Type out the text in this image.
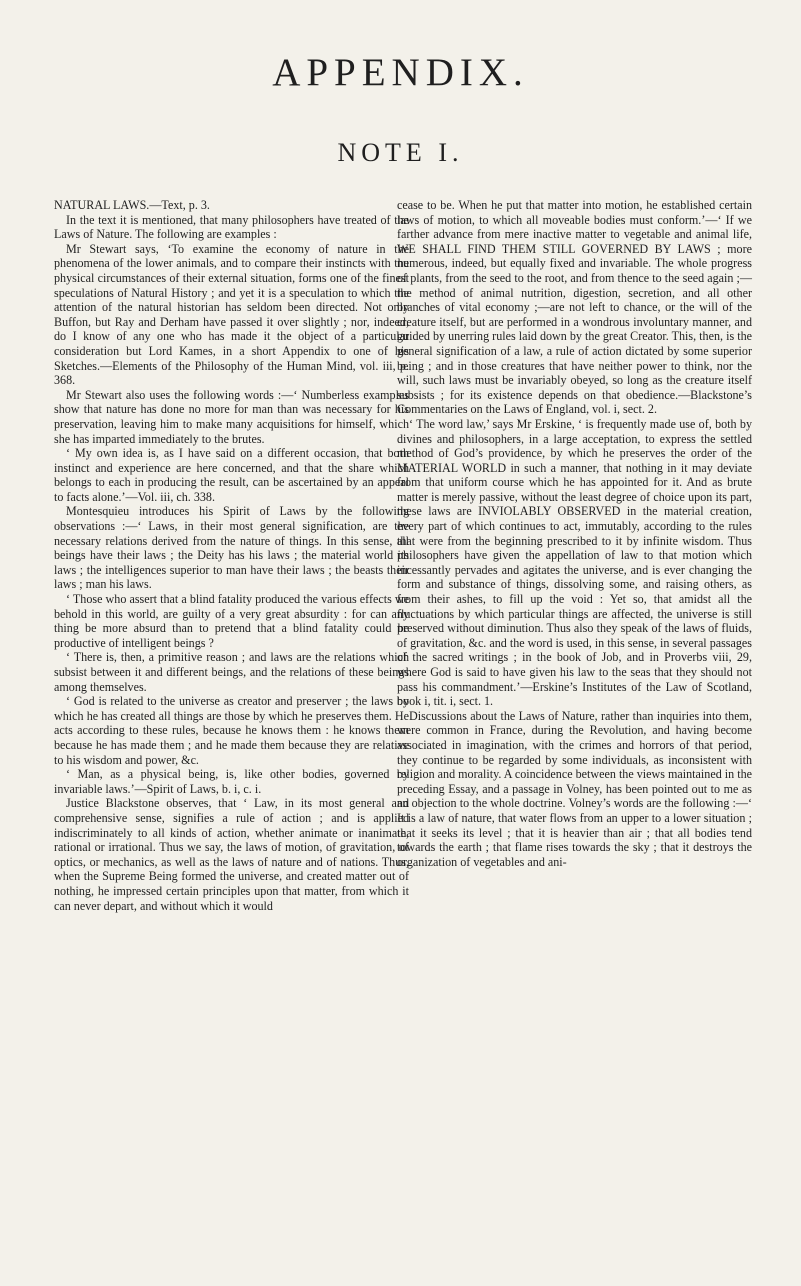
APPENDIX.
NOTE I.

NATURAL LAWS.—Text, p. 3.

In the text it is mentioned, that many philosophers have treated of the Laws of Nature. The following are examples :

Mr Stewart says, ‘To examine the economy of nature in the phenomena of the lower animals, and to compare their instincts with the physical circumstances of their external situation, forms one of the finest speculations of Natural History ; and yet it is a speculation to which the attention of the natural historian has seldom been directed. Not only Buffon, but Ray and Derham have passed it over slightly ; nor, indeed, do I know of any one who has made it the object of a particular consideration but Lord Kames, in a short Appendix to one of his Sketches.—Elements of the Philosophy of the Human Mind, vol. iii, p. 368.

Mr Stewart also uses the following words :—‘ Numberless examples show that nature has done no more for man than was necessary for his preservation, leaving him to make many acquisitions for himself, which she has imparted immediately to the brutes.

‘ My own idea is, as I have said on a different occasion, that both instinct and experience are here concerned, and that the share which belongs to each in producing the result, can be ascertained by an appeal to facts alone.’—Vol. iii, ch. 338.

Montesquieu introduces his Spirit of Laws by the following observations :—‘ Laws, in their most general signification, are the necessary relations derived from the nature of things. In this sense, all beings have their laws ; the Deity has his laws ; the material world its laws ; the intelligences superior to man have their laws ; the beasts their laws ; man his laws.

‘ Those who assert that a blind fatality produced the various effects we behold in this world, are guilty of a very great absurdity : for can any thing be more absurd than to pretend that a blind fatality could be productive of intelligent beings ?

‘ There is, then, a primitive reason ; and laws are the relations which subsist between it and different beings, and the relations of these beings among themselves.

‘ God is related to the universe as creator and preserver ; the laws by which he has created all things are those by which he preserves them. He acts according to these rules, because he knows them : he knows them because he has made them ; and he made them because they are relative to his wisdom and power, &c.

‘ Man, as a physical being, is, like other bodies, governed by invariable laws.’—Spirit of Laws, b. i, c. i.

Justice Blackstone observes, that ‘ Law, in its most general and comprehensive sense, signifies a rule of action ; and is applied indiscriminately to all kinds of action, whether animate or inanimate, rational or irrational. Thus we say, the laws of motion, of gravitation, of optics, or mechanics, as well as the laws of nature and of nations. Thus, when the Supreme Being formed the universe, and created matter out of nothing, he impressed certain principles upon that matter, from which it can never depart, and without which it would

cease to be. When he put that matter into motion, he established certain laws of motion, to which all moveable bodies must conform.’—‘ If we farther advance from mere inactive matter to vegetable and animal life, WE SHALL FIND THEM STILL GOVERNED BY LAWS ; more numerous, indeed, but equally fixed and invariable. The whole progress of plants, from the seed to the root, and from thence to the seed again ;—the method of animal nutrition, digestion, secretion, and all other branches of vital economy ;—are not left to chance, or the will of the creature itself, but are performed in a wondrous involuntary manner, and guided by unerring rules laid down by the great Creator. This, then, is the general signification of a law, a rule of action dictated by some superior being ; and in those creatures that have neither power to think, nor the will, such laws must be invariably obeyed, so long as the creature itself subsists ; for its existence depends on that obedience.—Blackstone’s Commentaries on the Laws of England, vol. i, sect. 2.

‘ The word law,’ says Mr Erskine, ‘ is frequently made use of, both by divines and philosophers, in a large acceptation, to express the settled method of God’s providence, by which he preserves the order of the MATERIAL WORLD in such a manner, that nothing in it may deviate from that uniform course which he has appointed for it. And as brute matter is merely passive, without the least degree of choice upon its part, these laws are INVIOLABLY OBSERVED in the material creation, every part of which continues to act, immutably, according to the rules that were from the beginning prescribed to it by infinite wisdom. Thus philosophers have given the appellation of law to that motion which incessantly pervades and agitates the universe, and is ever changing the form and substance of things, dissolving some, and raising others, as from their ashes, to fill up the void : Yet so, that amidst all the fluctuations by which particular things are affected, the universe is still preserved without diminution. Thus also they speak of the laws of fluids, of gravitation, &c. and the word is used, in this sense, in several passages of the sacred writings ; in the book of Job, and in Proverbs viii, 29, where God is said to have given his law to the seas that they should not pass his commandment.’—Erskine’s Institutes of the Law of Scotland, book i, tit. i, sect. 1.

Discussions about the Laws of Nature, rather than inquiries into them, were common in France, during the Revolution, and having become associated in imagination, with the crimes and horrors of that period, they continue to be regarded by some individuals, as inconsistent with religion and morality. A coincidence between the views maintained in the preceding Essay, and a passage in Volney, has been pointed out to me as an objection to the whole doctrine. Volney’s words are the following :—‘ It is a law of nature, that water flows from an upper to a lower situation ; that it seeks its level ; that it is heavier than air ; that all bodies tend towards the earth ; that flame rises towards the sky ; that it destroys the organization of vegetables and ani-
